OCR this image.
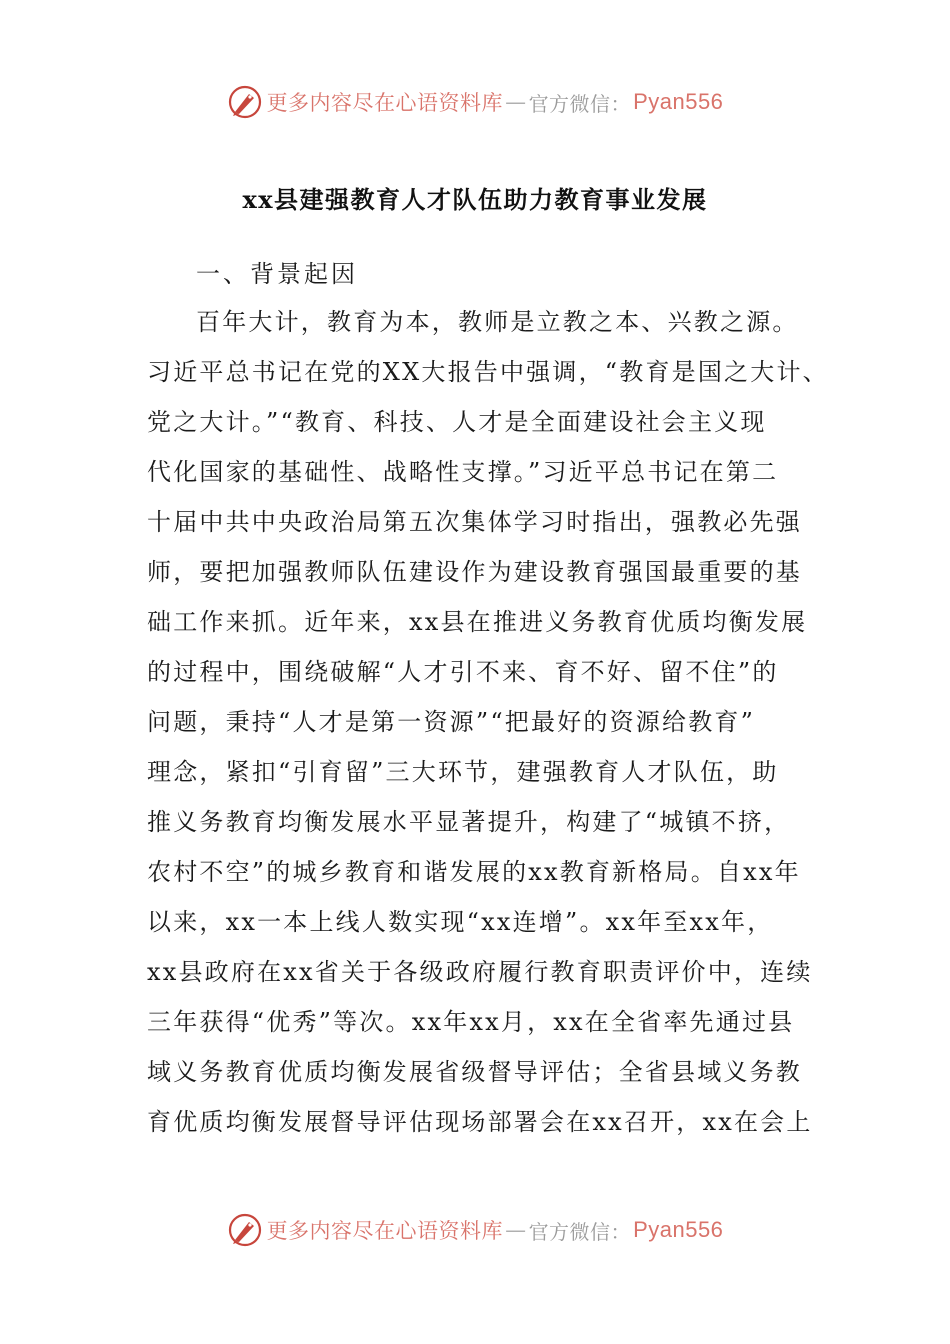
更多内容尽在心语资料库 — 官方微信： Pyan556
xx县建强教育人才队伍助力教育事业发展
一、背景起因
百年大计，教育为本，教师是立教之本、兴教之源。
习近平总书记在党的XX大报告中强调，“教育是国之大计、
党之大计。”“教育、科技、人才是全面建设社会主义现
代化国家的基础性、战略性支撑。”习近平总书记在第二
十届中共中央政治局第五次集体学习时指出，强教必先强
师，要把加强教师队伍建设作为建设教育强国最重要的基
础工作来抓。近年来，xx县在推进义务教育优质均衡发展
的过程中，围绕破解“人才引不来、育不好、留不住”的
问题，秉持“人才是第一资源”“把最好的资源给教育”
理念，紧扣“引育留”三大环节，建强教育人才队伍，助
推义务教育均衡发展水平显著提升，构建了“城镇不挤，
农村不空”的城乡教育和谐发展的xx教育新格局。自xx年
以来，xx一本上线人数实现“xx连增”。xx年至xx年，
xx县政府在xx省关于各级政府履行教育职责评价中，连续
三年获得“优秀”等次。xx年xx月，xx在全省率先通过县
域义务教育优质均衡发展省级督导评估；全省县域义务教
育优质均衡发展督导评估现场部署会在xx召开，xx在会上
更多内容尽在心语资料库 — 官方微信： Pyan556
